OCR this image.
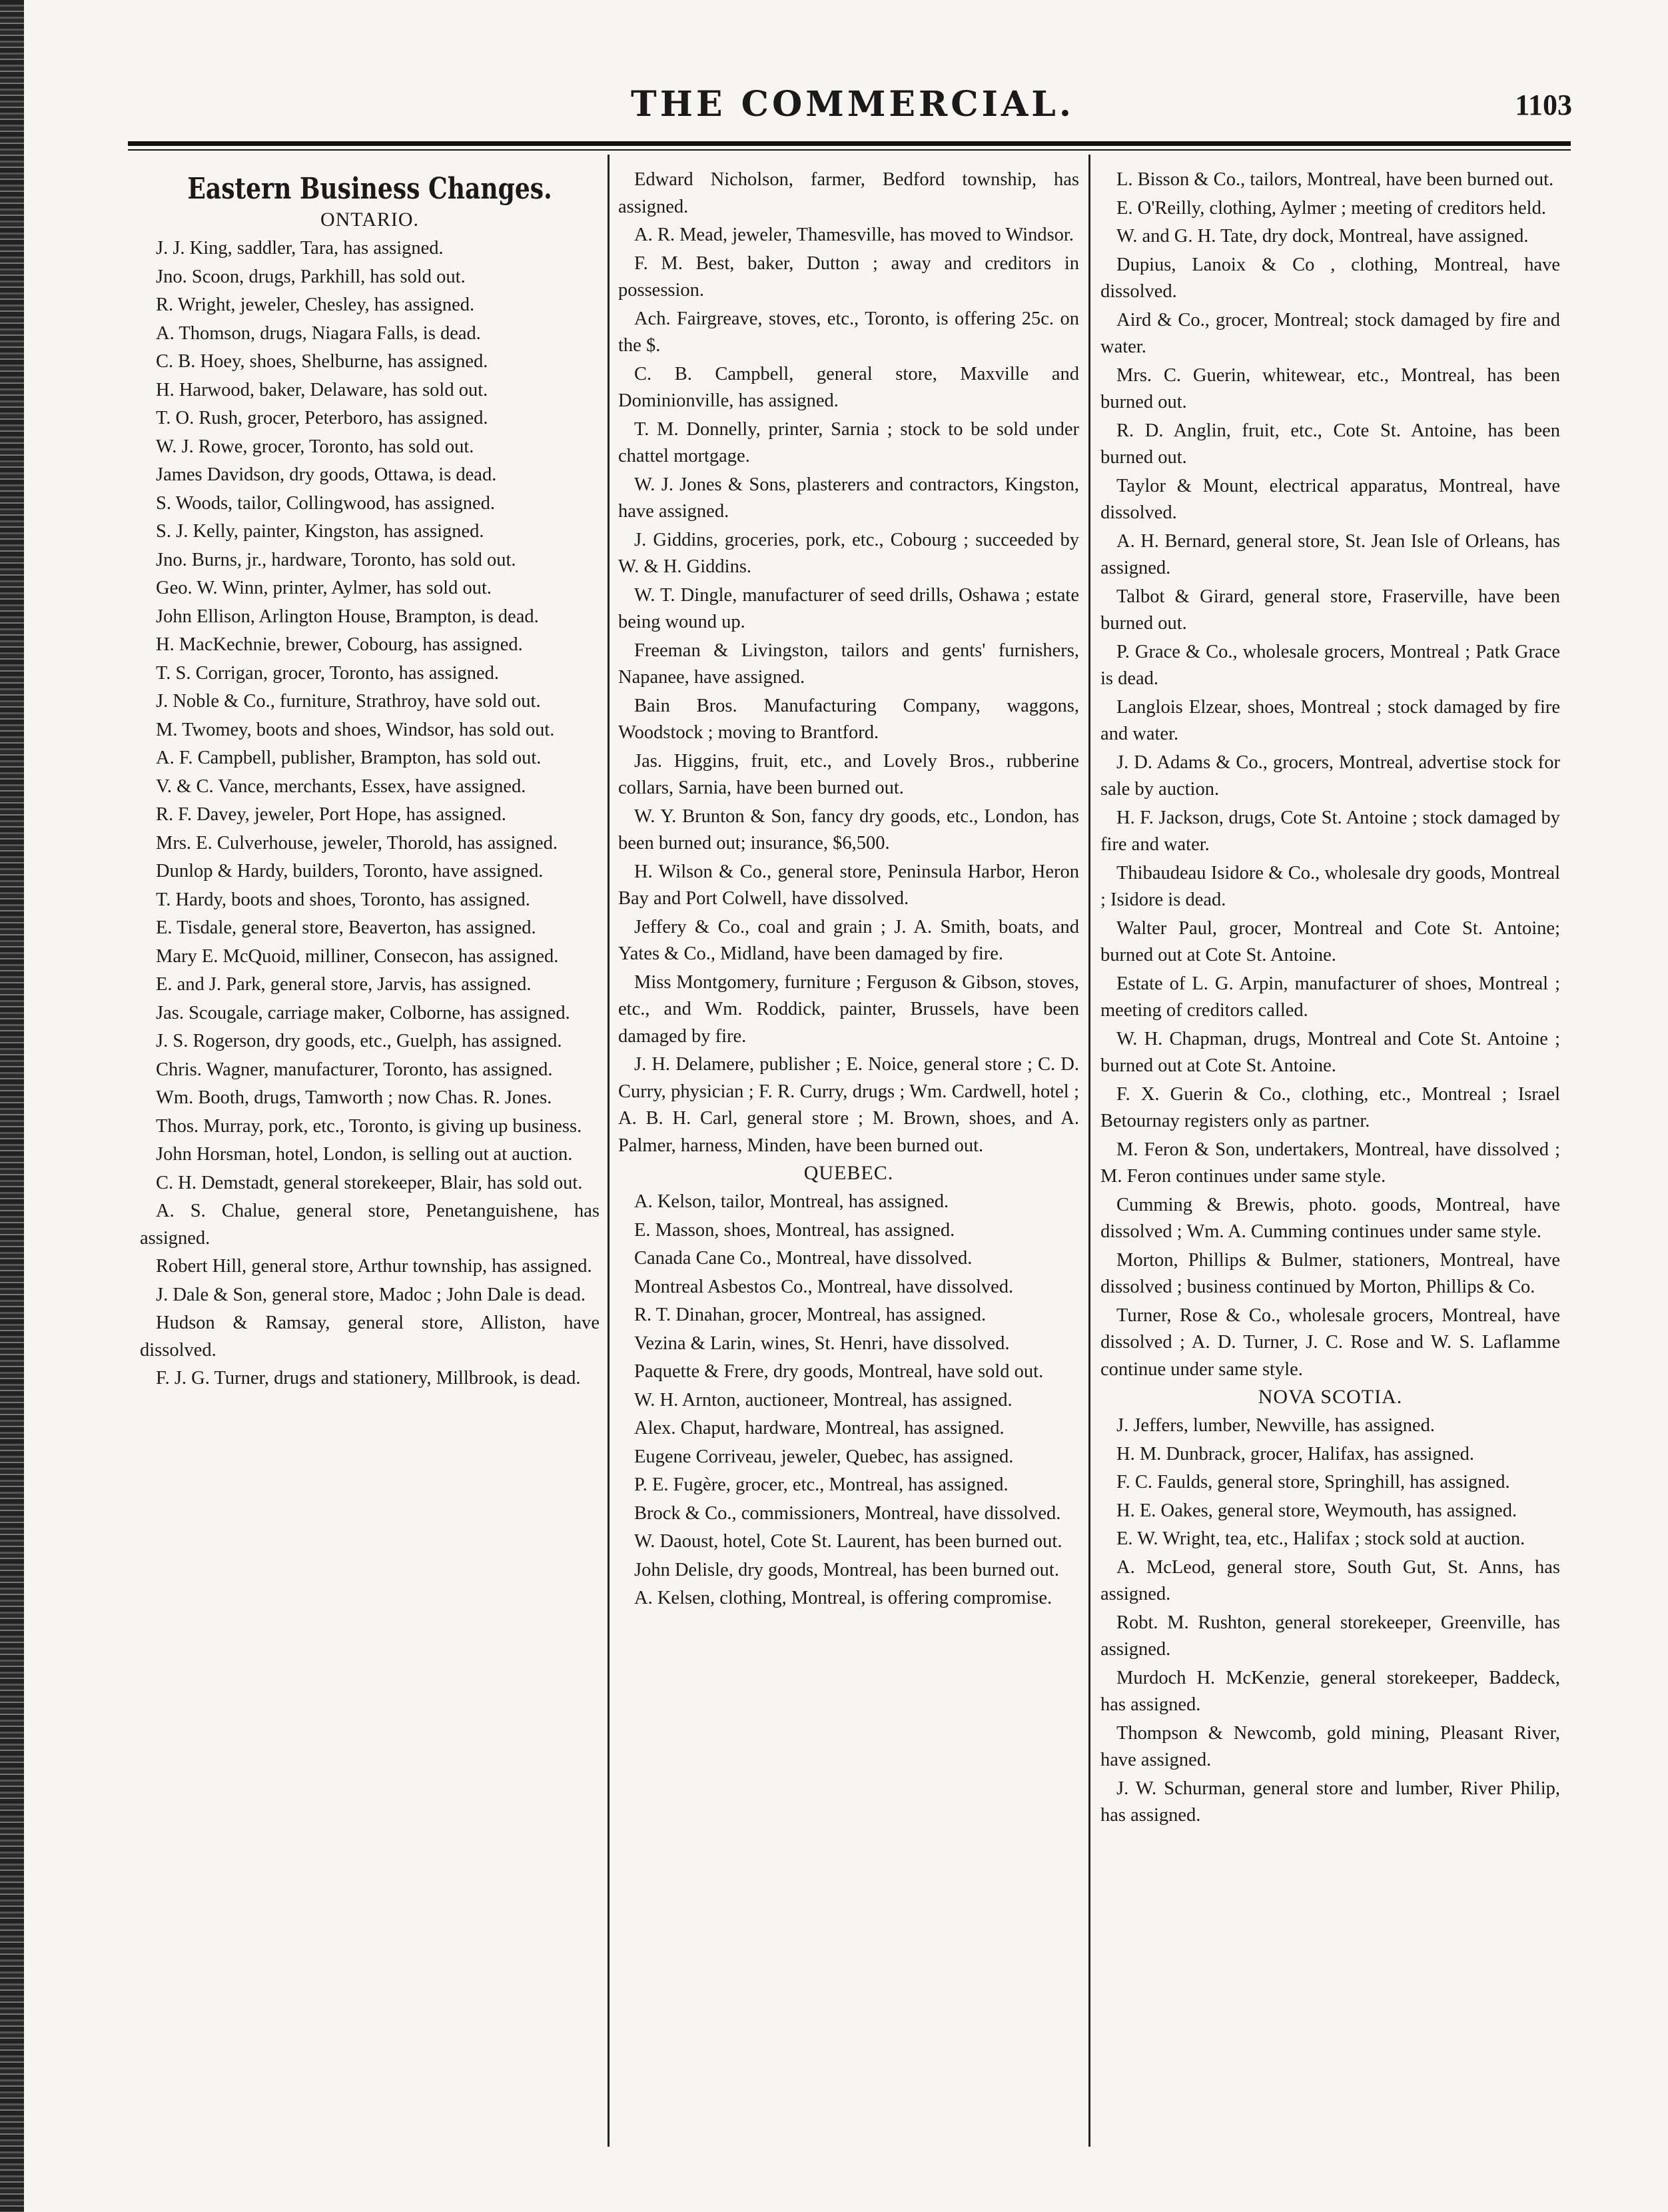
THE COMMERCIAL.	1103
Eastern Business Changes.
ONTARIO.

J. J. King, saddler, Tara, has assigned.

Jno. Scoon, drugs, Parkhill, has sold out.

R. Wright, jeweler, Chesley, has assigned.

A. Thomson, drugs, Niagara Falls, is dead.

C. B. Hoey, shoes, Shelburne, has assigned.

H. Harwood, baker, Delaware, has sold out.

T. O. Rush, grocer, Peterboro, has assigned.

W. J. Rowe, grocer, Toronto, has sold out.

James Davidson, dry goods, Ottawa, is dead.

S. Woods, tailor, Collingwood, has assigned.

S. J. Kelly, painter, Kingston, has assigned.

Jno. Burns, jr., hardware, Toronto, has sold out.

Geo. W. Winn, printer, Aylmer, has sold out.

John Ellison, Arlington House, Brampton, is dead.

H. MacKechnie, brewer, Cobourg, has assigned.

T. S. Corrigan, grocer, Toronto, has assigned.

J. Noble & Co., furniture, Strathroy, have sold out.

M. Twomey, boots and shoes, Windsor, has sold out.

A. F. Campbell, publisher, Brampton, has sold out.

V. & C. Vance, merchants, Essex, have assigned.

R. F. Davey, jeweler, Port Hope, has assigned.

Mrs. E. Culverhouse, jeweler, Thorold, has assigned.

Dunlop & Hardy, builders, Toronto, have assigned.

T. Hardy, boots and shoes, Toronto, has assigned.

E. Tisdale, general store, Beaverton, has assigned.

Mary E. McQuoid, milliner, Consecon, has assigned.

E. and J. Park, general store, Jarvis, has assigned.

Jas. Scougale, carriage maker, Colborne, has assigned.

J. S. Rogerson, dry goods, etc., Guelph, has assigned.

Chris. Wagner, manufacturer, Toronto, has assigned.

Wm. Booth, drugs, Tamworth ; now Chas. R. Jones.

Thos. Murray, pork, etc., Toronto, is giving up business.

John Horsman, hotel, London, is selling out at auction.

C. H. Demstadt, general storekeeper, Blair, has sold out.

A. S. Chalue, general store, Penetanguishene, has assigned.

Robert Hill, general store, Arthur township, has assigned.

J. Dale & Son, general store, Madoc ; John Dale is dead.

Hudson & Ramsay, general store, Alliston, have dissolved.

F. J. G. Turner, drugs and stationery, Millbrook, is dead.

Edward Nicholson, farmer, Bedford township, has assigned.

A. R. Mead, jeweler, Thamesville, has moved to Windsor.

F. M. Best, baker, Dutton ; away and creditors in possession.

Ach. Fairgreave, stoves, etc., Toronto, is offering 25c. on the $.

C. B. Campbell, general store, Maxville and Dominionville, has assigned.

T. M. Donnelly, printer, Sarnia ; stock to be sold under chattel mortgage.

W. J. Jones & Sons, plasterers and contractors, Kingston, have assigned.

J. Giddins, groceries, pork, etc., Cobourg ; succeeded by W. & H. Giddins.

W. T. Dingle, manufacturer of seed drills, Oshawa ; estate being wound up.

Freeman & Livingston, tailors and gents' furnishers, Napanee, have assigned.

Bain Bros. Manufacturing Company, waggons, Woodstock ; moving to Brantford.

Jas. Higgins, fruit, etc., and Lovely Bros., rubberine collars, Sarnia, have been burned out.

W. Y. Brunton & Son, fancy dry goods, etc., London, has been burned out; insurance, $6,500.

H. Wilson & Co., general store, Peninsula Harbor, Heron Bay and Port Colwell, have dissolved.

Jeffery & Co., coal and grain ; J. A. Smith, boats, and Yates & Co., Midland, have been damaged by fire.

Miss Montgomery, furniture ; Ferguson & Gibson, stoves, etc., and Wm. Roddick, painter, Brussels, have been damaged by fire.

J. H. Delamere, publisher ; E. Noice, general store ; C. D. Curry, physician ; F. R. Curry, drugs ; Wm. Cardwell, hotel ; A. B. H. Carl, general store ; M. Brown, shoes, and A. Palmer, harness, Minden, have been burned out.

QUEBEC.

A. Kelson, tailor, Montreal, has assigned.

E. Masson, shoes, Montreal, has assigned.

Canada Cane Co., Montreal, have dissolved.

Montreal Asbestos Co., Montreal, have dissolved.

R. T. Dinahan, grocer, Montreal, has assigned.

Vezina & Larin, wines, St. Henri, have dissolved.

Paquette & Frere, dry goods, Montreal, have sold out.

W. H. Arnton, auctioneer, Montreal, has assigned.

Alex. Chaput, hardware, Montreal, has assigned.

Eugene Corriveau, jeweler, Quebec, has assigned.

P. E. Fugère, grocer, etc., Montreal, has assigned.

Brock & Co., commissioners, Montreal, have dissolved.

W. Daoust, hotel, Cote St. Laurent, has been burned out.

John Delisle, dry goods, Montreal, has been burned out.

A. Kelsen, clothing, Montreal, is offering compromise.

L. Bisson & Co., tailors, Montreal, have been burned out.

E. O'Reilly, clothing, Aylmer ; meeting of creditors held.

W. and G. H. Tate, dry dock, Montreal, have assigned.

Dupius, Lanoix & Co , clothing, Montreal, have dissolved.

Aird & Co., grocer, Montreal; stock damaged by fire and water.

Mrs. C. Guerin, whitewear, etc., Montreal, has been burned out.

R. D. Anglin, fruit, etc., Cote St. Antoine, has been burned out.

Taylor & Mount, electrical apparatus, Montreal, have dissolved.

A. H. Bernard, general store, St. Jean Isle of Orleans, has assigned.

Talbot & Girard, general store, Fraserville, have been burned out.

P. Grace & Co., wholesale grocers, Montreal ; Patk Grace is dead.

Langlois Elzear, shoes, Montreal ; stock damaged by fire and water.

J. D. Adams & Co., grocers, Montreal, advertise stock for sale by auction.

H. F. Jackson, drugs, Cote St. Antoine ; stock damaged by fire and water.

Thibaudeau Isidore & Co., wholesale dry goods, Montreal ; Isidore is dead.

Walter Paul, grocer, Montreal and Cote St. Antoine; burned out at Cote St. Antoine.

Estate of L. G. Arpin, manufacturer of shoes, Montreal ; meeting of creditors called.

W. H. Chapman, drugs, Montreal and Cote St. Antoine ; burned out at Cote St. Antoine.

F. X. Guerin & Co., clothing, etc., Montreal ; Israel Betournay registers only as partner.

M. Feron & Son, undertakers, Montreal, have dissolved ; M. Feron continues under same style.

Cumming & Brewis, photo. goods, Montreal, have dissolved ; Wm. A. Cumming continues under same style.

Morton, Phillips & Bulmer, stationers, Montreal, have dissolved ; business continued by Morton, Phillips & Co.

Turner, Rose & Co., wholesale grocers, Montreal, have dissolved ; A. D. Turner, J. C. Rose and W. S. Laflamme continue under same style.

NOVA SCOTIA.

J. Jeffers, lumber, Newville, has assigned.

H. M. Dunbrack, grocer, Halifax, has assigned.

F. C. Faulds, general store, Springhill, has assigned.

H. E. Oakes, general store, Weymouth, has assigned.

E. W. Wright, tea, etc., Halifax ; stock sold at auction.

A. McLeod, general store, South Gut, St. Anns, has assigned.

Robt. M. Rushton, general storekeeper, Greenville, has assigned.

Murdoch H. McKenzie, general storekeeper, Baddeck, has assigned.

Thompson & Newcomb, gold mining, Pleasant River, have assigned.

J. W. Schurman, general store and lumber, River Philip, has assigned.
